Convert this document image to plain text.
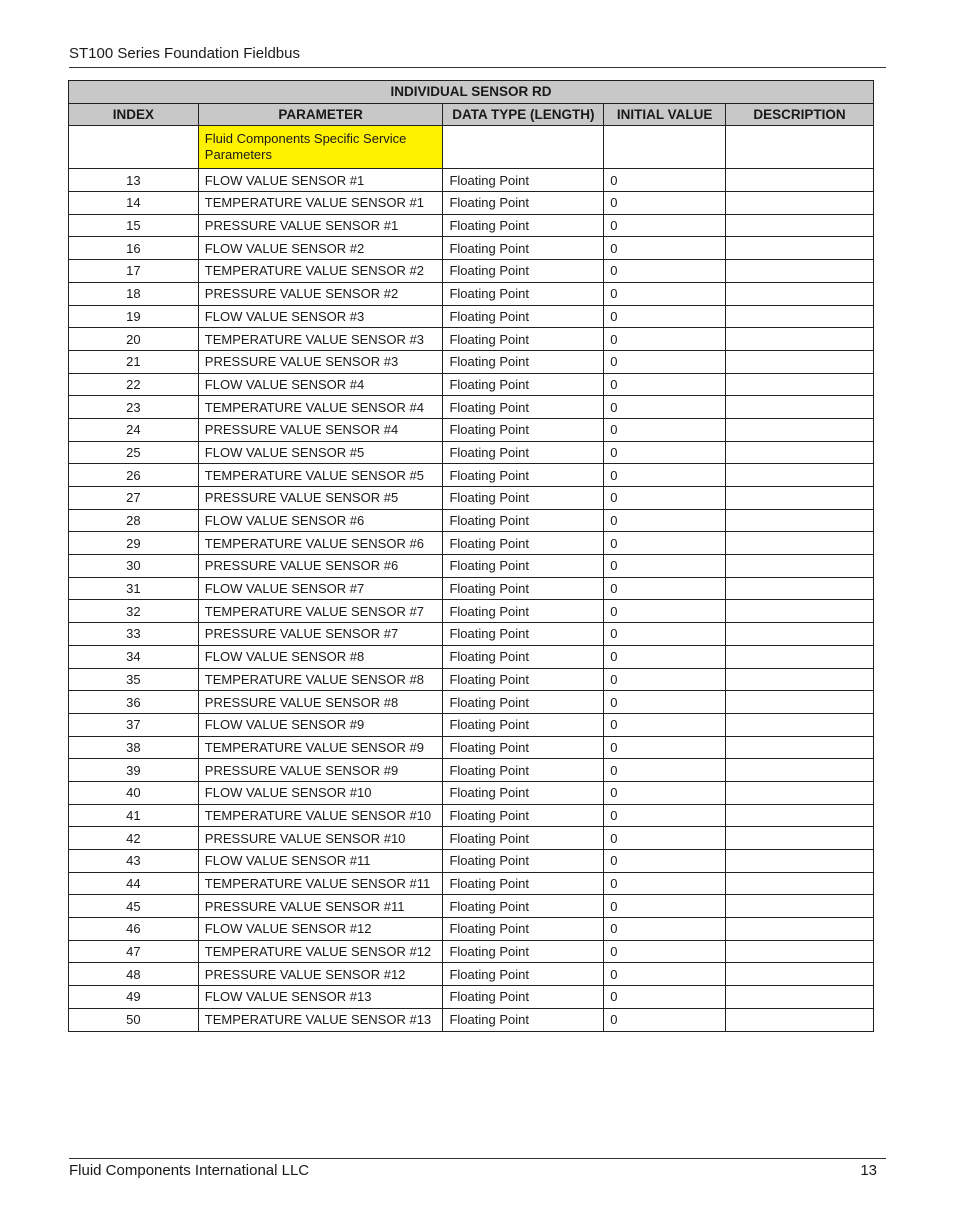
ST100 Series Foundation Fieldbus
INDIVIDUAL SENSOR RD				
INDEX	PARAMETER	DATA TYPE (LENGTH)	INITIAL VALUE	DESCRIPTION
	Fluid Components Specific Service Parameters			
13	FLOW VALUE SENSOR #1	Floating Point	0	
14	TEMPERATURE VALUE SENSOR #1	Floating Point	0	
15	PRESSURE VALUE SENSOR #1	Floating Point	0	
16	FLOW VALUE SENSOR #2	Floating Point	0	
17	TEMPERATURE VALUE SENSOR #2	Floating Point	0	
18	PRESSURE VALUE SENSOR #2	Floating Point	0	
19	FLOW VALUE SENSOR #3	Floating Point	0	
20	TEMPERATURE VALUE SENSOR #3	Floating Point	0	
21	PRESSURE VALUE SENSOR #3	Floating Point	0	
22	FLOW VALUE SENSOR #4	Floating Point	0	
23	TEMPERATURE VALUE SENSOR #4	Floating Point	0	
24	PRESSURE VALUE SENSOR #4	Floating Point	0	
25	FLOW VALUE SENSOR #5	Floating Point	0	
26	TEMPERATURE VALUE SENSOR #5	Floating Point	0	
27	PRESSURE VALUE SENSOR #5	Floating Point	0	
28	FLOW VALUE SENSOR #6	Floating Point	0	
29	TEMPERATURE VALUE SENSOR #6	Floating Point	0	
30	PRESSURE VALUE SENSOR #6	Floating Point	0	
31	FLOW VALUE SENSOR #7	Floating Point	0	
32	TEMPERATURE VALUE SENSOR #7	Floating Point	0	
33	PRESSURE VALUE SENSOR #7	Floating Point	0	
34	FLOW VALUE SENSOR #8	Floating Point	0	
35	TEMPERATURE VALUE SENSOR #8	Floating Point	0	
36	PRESSURE VALUE SENSOR #8	Floating Point	0	
37	FLOW VALUE SENSOR #9	Floating Point	0	
38	TEMPERATURE VALUE SENSOR #9	Floating Point	0	
39	PRESSURE VALUE SENSOR #9	Floating Point	0	
40	FLOW VALUE SENSOR #10	Floating Point	0	
41	TEMPERATURE VALUE SENSOR #10	Floating Point	0	
42	PRESSURE VALUE SENSOR #10	Floating Point	0	
43	FLOW VALUE SENSOR #11	Floating Point	0	
44	TEMPERATURE VALUE SENSOR #11	Floating Point	0	
45	PRESSURE VALUE SENSOR #11	Floating Point	0	
46	FLOW VALUE SENSOR #12	Floating Point	0	
47	TEMPERATURE VALUE SENSOR #12	Floating Point	0	
48	PRESSURE VALUE SENSOR #12	Floating Point	0	
49	FLOW VALUE SENSOR #13	Floating Point	0	
50	TEMPERATURE VALUE SENSOR #13	Floating Point	0	
Fluid Components International LLC	13
